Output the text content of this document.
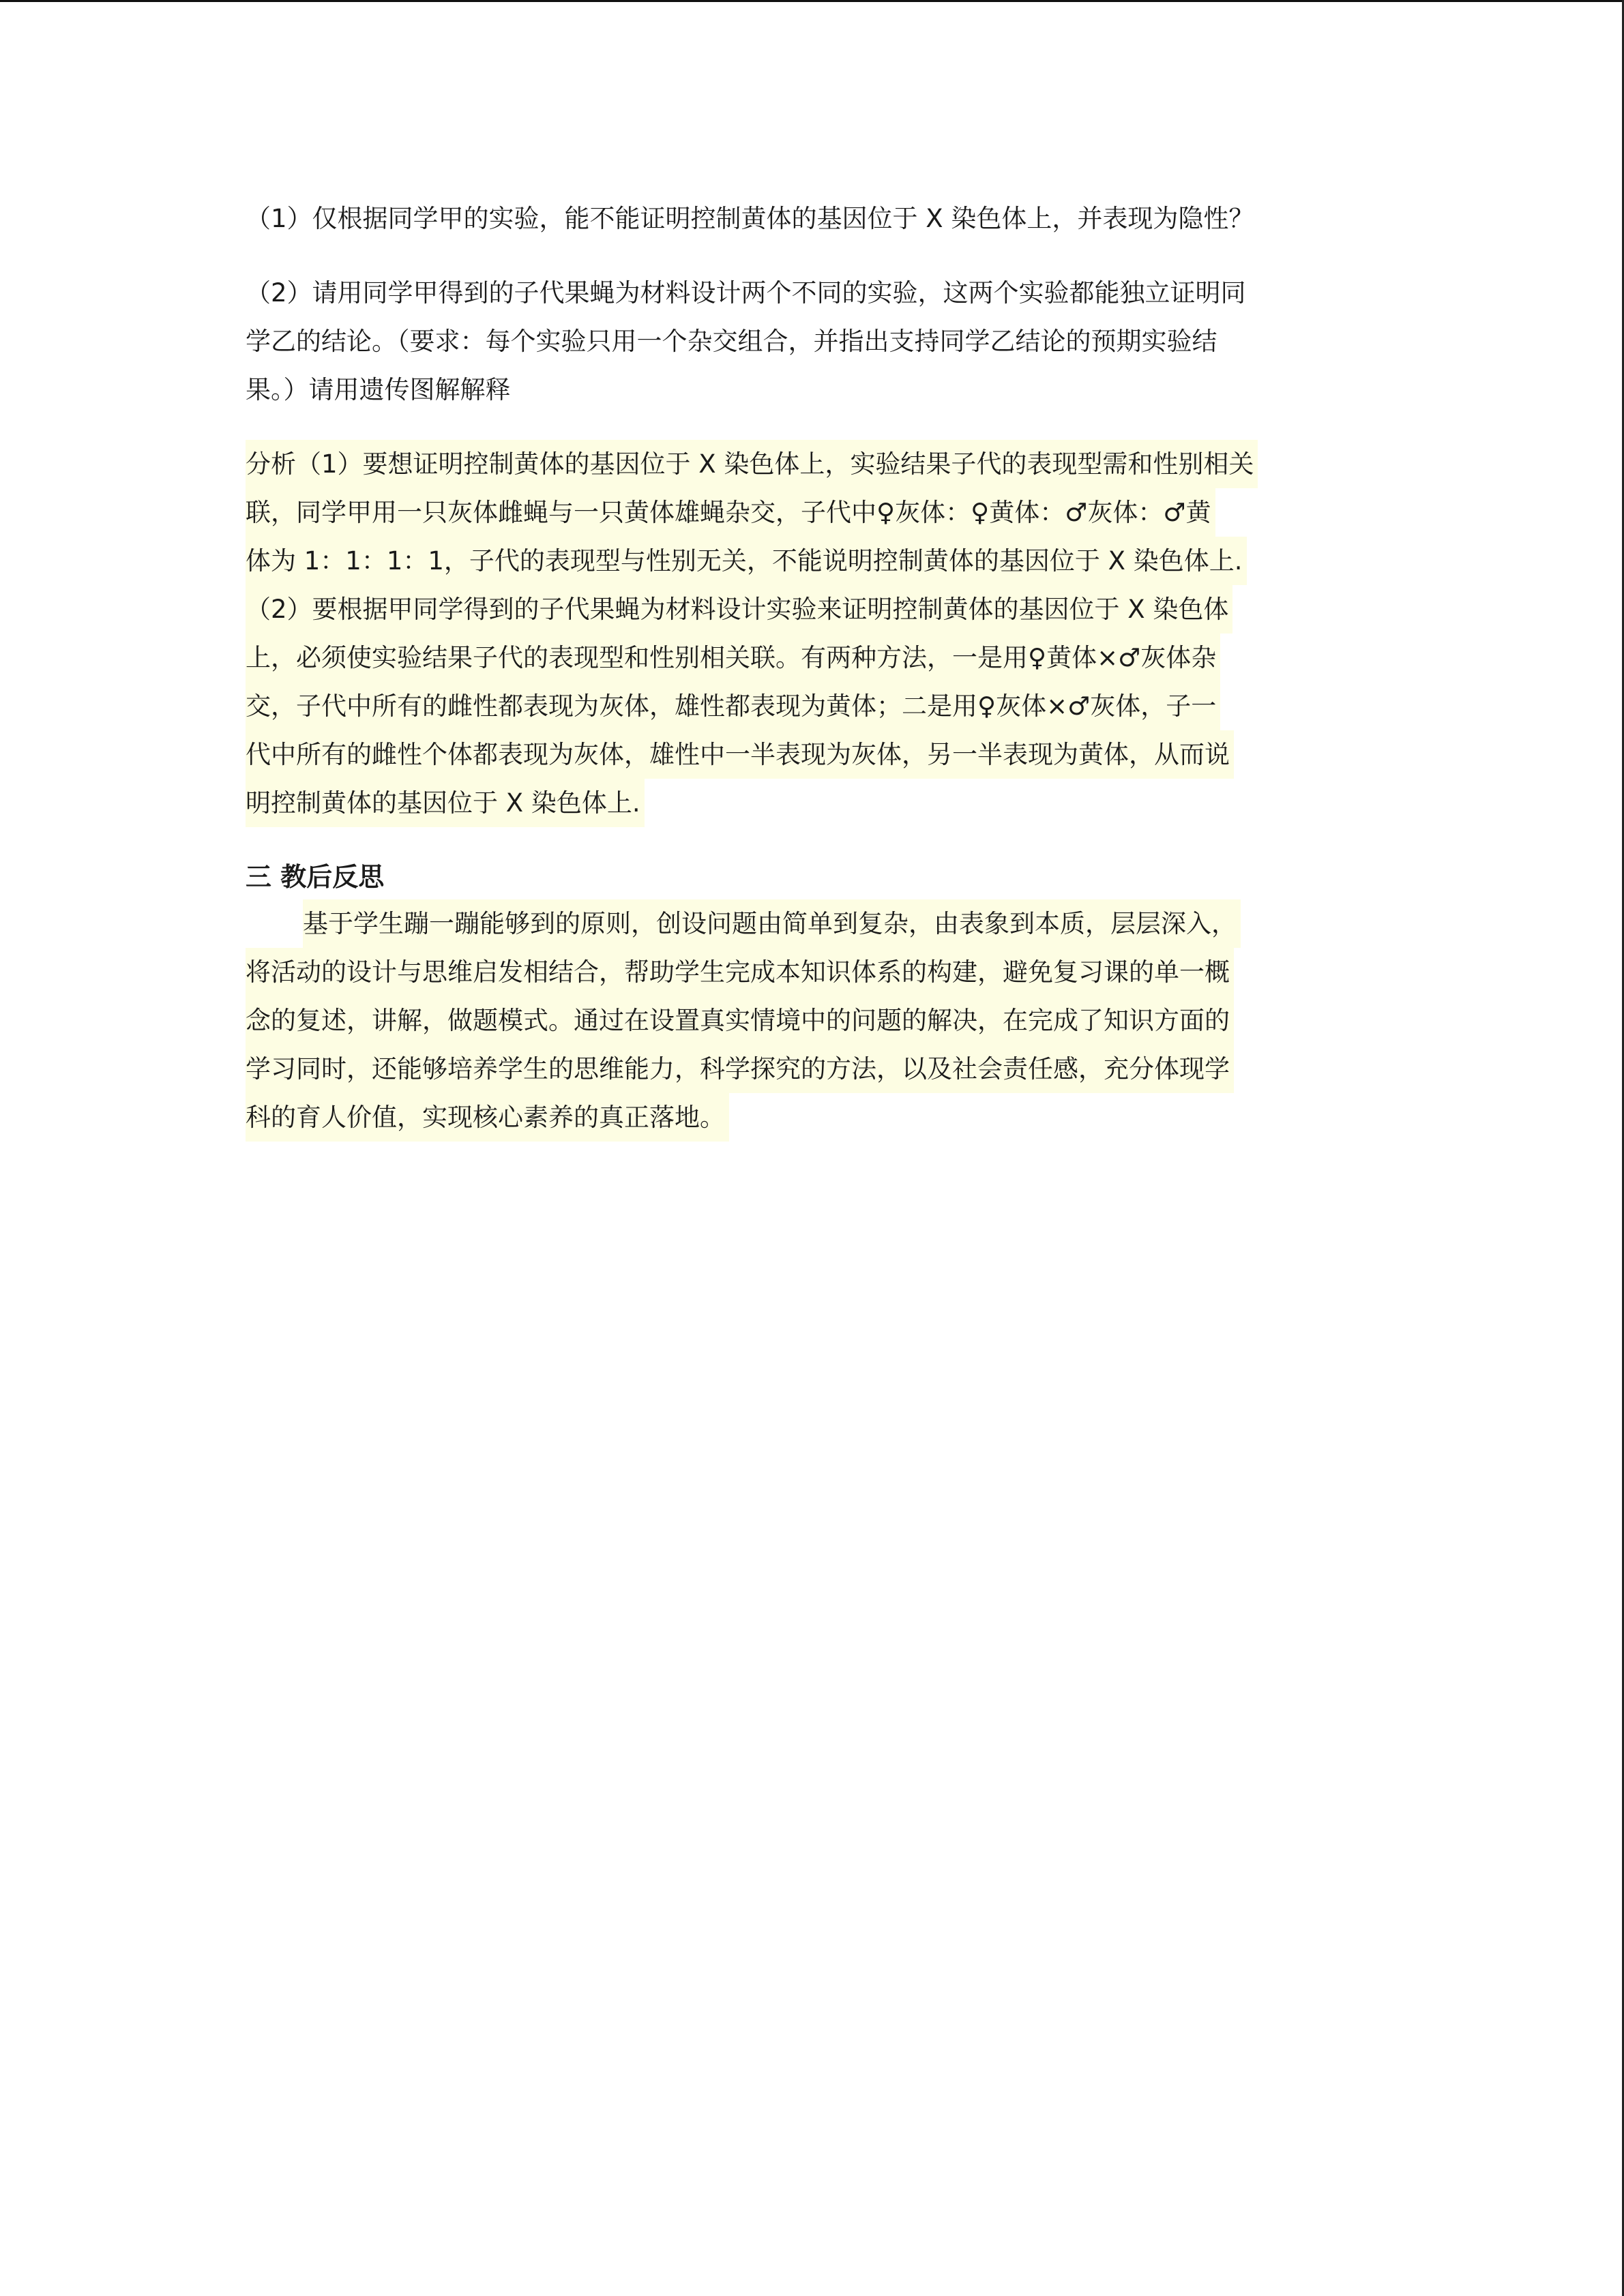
（1）仅根据同学甲的实验，能不能证明控制黄体的基因位于 X 染色体上，并表现为隐性？

（2）请用同学甲得到的子代果蝇为材料设计两个不同的实验，这两个实验都能独立证明同

学乙的结论。（要求：每个实验只用一个杂交组合，并指出支持同学乙结论的预期实验结

果。）请用遗传图解解释

分析（1）要想证明控制黄体的基因位于 X 染色体上，实验结果子代的表现型需和性别相关

联，同学甲用一只灰体雌蝇与一只黄体雄蝇杂交，子代中♀灰体：♀黄体：♂灰体：♂黄

体为 1：1：1：1，子代的表现型与性别无关，不能说明控制黄体的基因位于 X 染色体上.

（2）要根据甲同学得到的子代果蝇为材料设计实验来证明控制黄体的基因位于 X 染色体

上，必须使实验结果子代的表现型和性别相关联。有两种方法，一是用♀黄体×♂灰体杂

交，子代中所有的雌性都表现为灰体，雄性都表现为黄体；二是用♀灰体×♂灰体，子一

代中所有的雌性个体都表现为灰体，雄性中一半表现为灰体，另一半表现为黄体，从而说

明控制黄体的基因位于 X 染色体上.

三 教后反思

基于学生蹦一蹦能够到的原则，创设问题由简单到复杂，由表象到本质，层层深入，

将活动的设计与思维启发相结合，帮助学生完成本知识体系的构建，避免复习课的单一概

念的复述，讲解，做题模式。通过在设置真实情境中的问题的解决，在完成了知识方面的

学习同时，还能够培养学生的思维能力，科学探究的方法，以及社会责任感，充分体现学

科的育人价值，实现核心素养的真正落地。
